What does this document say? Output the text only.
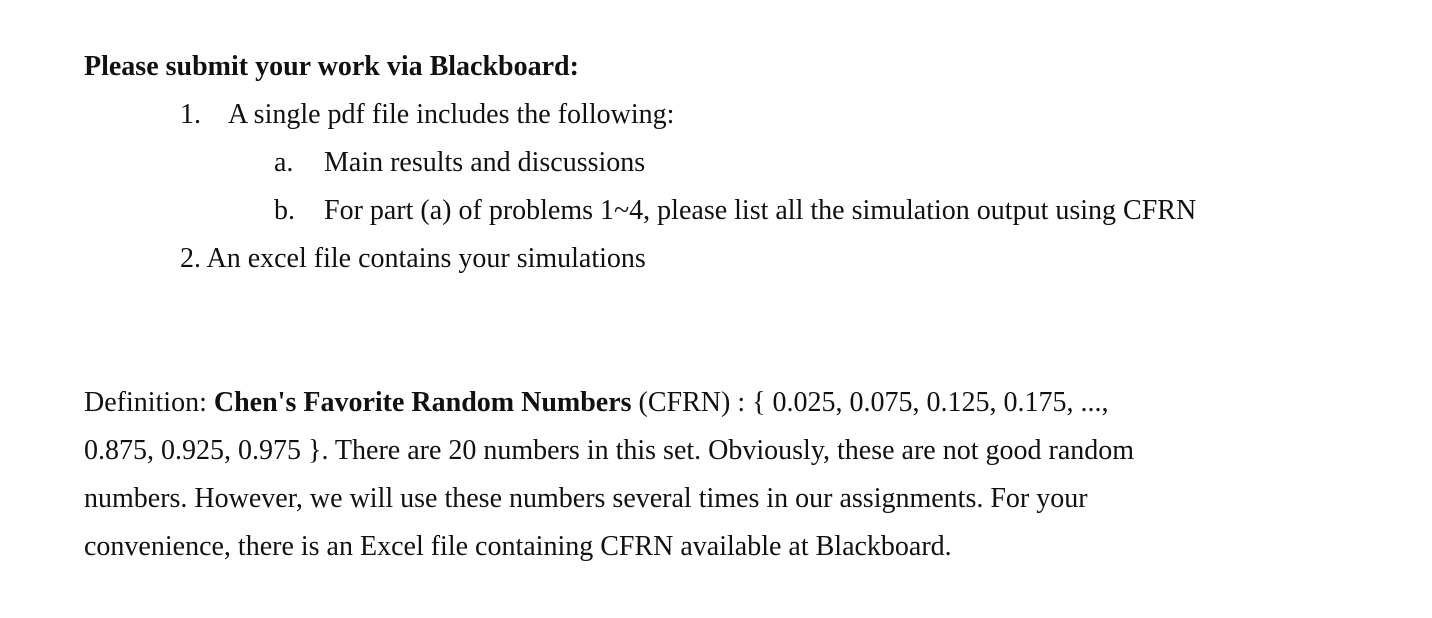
Please submit your work via Blackboard:
1. A single pdf file includes the following:
a. Main results and discussions
b. For part (a) of problems 1~4, please list all the simulation output using CFRN
2. An excel file contains your simulations
Definition: Chen's Favorite Random Numbers (CFRN) : { 0.025, 0.075, 0.125, 0.175, ...,
0.875, 0.925, 0.975 }. There are 20 numbers in this set. Obviously, these are not good random
numbers. However, we will use these numbers several times in our assignments. For your
convenience, there is an Excel file containing CFRN available at Blackboard.
